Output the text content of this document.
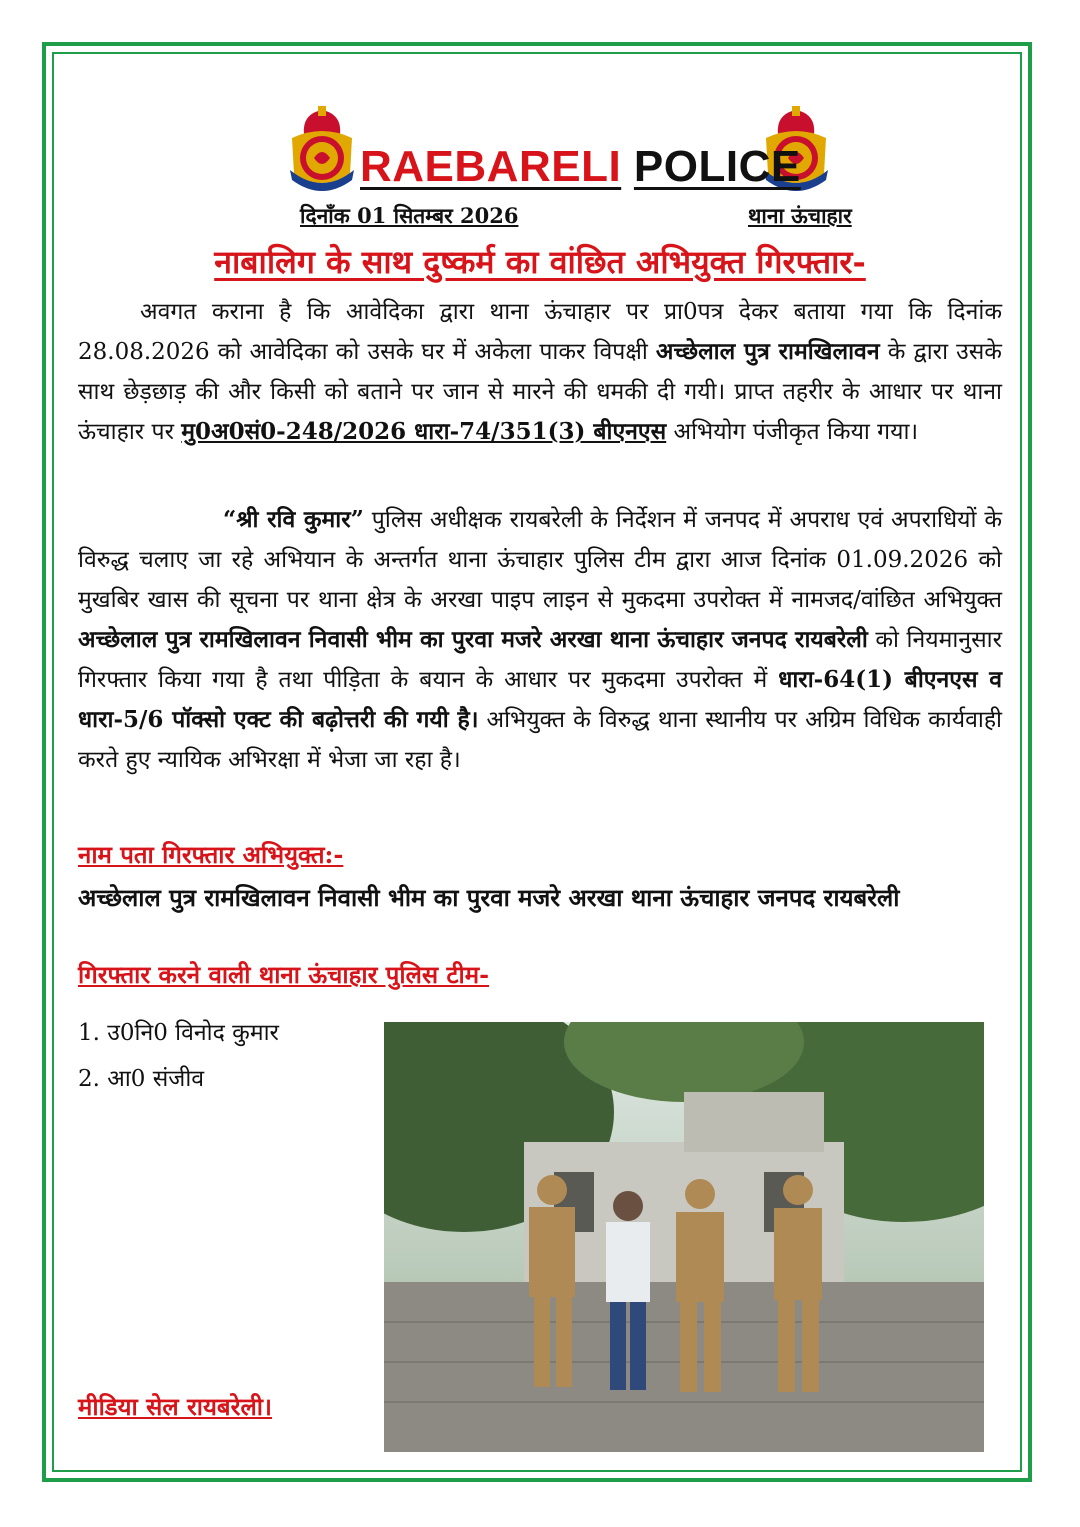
RAEBARELI POLICE
दिनाँक 01 सितम्बर 2026	थाना ऊंचाहार
नाबालिग के साथ दुष्कर्म का वांछित अभियुक्त गिरफ्तार-
अवगत कराना है कि आवेदिका द्वारा थाना ऊंचाहार पर प्रा0पत्र देकर बताया गया कि दिनांक 28.08.2026 को आवेदिका को उसके घर में अकेला पाकर विपक्षी अच्छेलाल पुत्र रामखिलावन के द्वारा उसके साथ छेड़छाड़ की और किसी को बताने पर जान से मारने की धमकी दी गयी। प्राप्त तहरीर के आधार पर थाना ऊंचाहार पर मु0अ0सं0-248/2026 धारा-74/351(3) बीएनएस अभियोग पंजीकृत किया गया।
“श्री रवि कुमार” पुलिस अधीक्षक रायबरेली के निर्देशन में जनपद में अपराध एवं अपराधियों के विरुद्ध चलाए जा रहे अभियान के अन्तर्गत थाना ऊंचाहार पुलिस टीम द्वारा आज दिनांक 01.09.2026 को मुखबिर खास की सूचना पर थाना क्षेत्र के अरखा पाइप लाइन से मुकदमा उपरोक्त में नामजद/वांछित अभियुक्त अच्छेलाल पुत्र रामखिलावन निवासी भीम का पुरवा मजरे अरखा थाना ऊंचाहार जनपद रायबरेली को नियमानुसार गिरफ्तार किया गया है तथा पीड़िता के बयान के आधार पर मुकदमा उपरोक्त में धारा-64(1) बीएनएस व धारा-5/6 पॉक्सो एक्ट की बढ़ोत्तरी की गयी है। अभियुक्त के विरुद्ध थाना स्थानीय पर अग्रिम विधिक कार्यवाही करते हुए न्यायिक अभिरक्षा में भेजा जा रहा है।
नाम पता गिरफ्तार अभियुक्त:-
अच्छेलाल पुत्र रामखिलावन निवासी भीम का पुरवा मजरे अरखा थाना ऊंचाहार जनपद रायबरेली
गिरफ्तार करने वाली थाना ऊंचाहार पुलिस टीम-
1. उ0नि0 विनोद कुमार
2. आ0 संजीव
मीडिया सेल रायबरेली।
